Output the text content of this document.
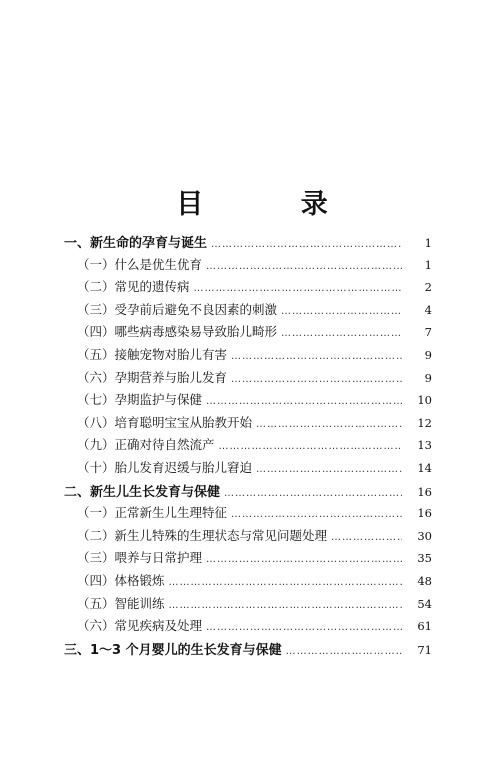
目 录
一、新生命的孕育与诞生 …………………………………………………………………………………………………………	1
（一）什么是优生优育 …………………………………………………………………………………………………………	1
（二）常见的遗传病 …………………………………………………………………………………………………………	2
（三）受孕前后避免不良因素的刺激 …………………………………………………………………………………………………………	4
（四）哪些病毒感染易导致胎儿畸形 …………………………………………………………………………………………………………	7
（五）接触宠物对胎儿有害 …………………………………………………………………………………………………………	9
（六）孕期营养与胎儿发育 …………………………………………………………………………………………………………	9
（七）孕期监护与保健 …………………………………………………………………………………………………………	10
（八）培育聪明宝宝从胎教开始 …………………………………………………………………………………………………………	12
（九）正确对待自然流产 …………………………………………………………………………………………………………	13
（十）胎儿发育迟缓与胎儿窘迫 …………………………………………………………………………………………………………	14
二、新生儿生长发育与保健 …………………………………………………………………………………………………………	16
（一）正常新生儿生理特征 …………………………………………………………………………………………………………	16
（二）新生儿特殊的生理状态与常见问题处理 …………………………………………………………………………………………………………	30
（三）喂养与日常护理 …………………………………………………………………………………………………………	35
（四）体格锻炼 …………………………………………………………………………………………………………	48
（五）智能训练 …………………………………………………………………………………………………………	54
（六）常见疾病及处理 …………………………………………………………………………………………………………	61
三、1～3 个月婴儿的生长发育与保健 …………………………………………………………………………………………………………	71
